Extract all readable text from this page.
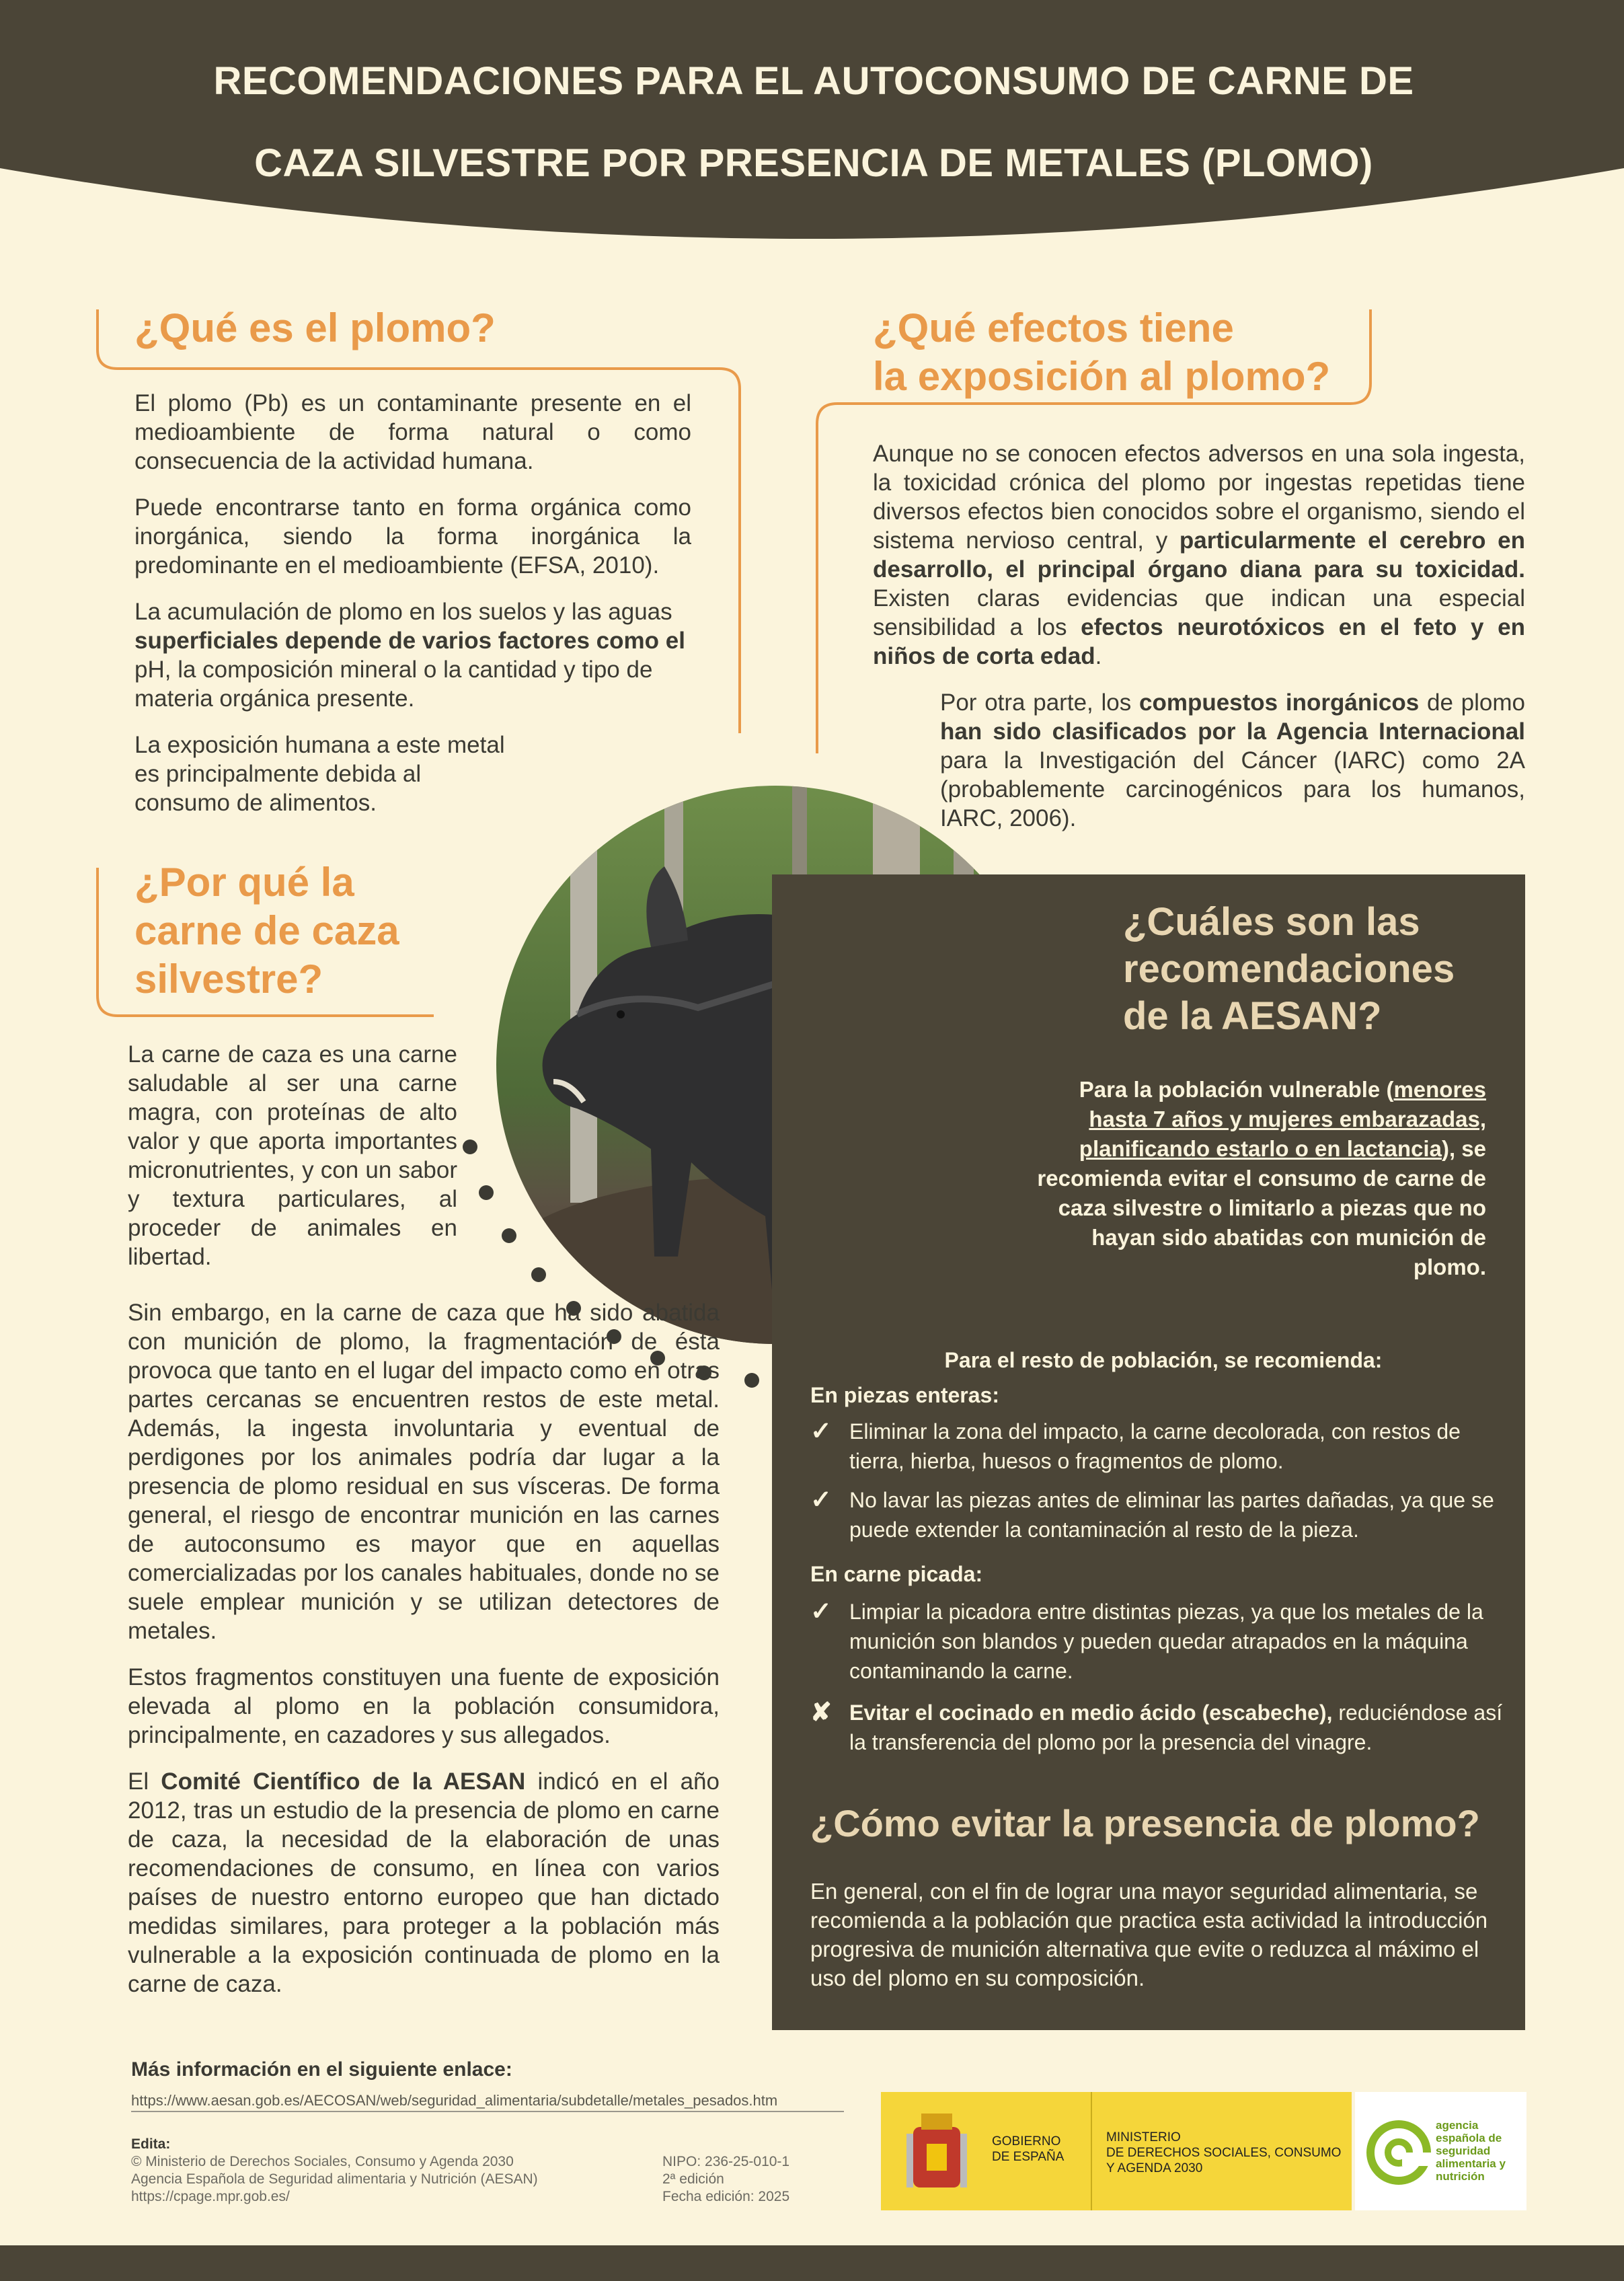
RECOMENDACIONES PARA EL AUTOCONSUMO DE CARNE DE
CAZA SILVESTRE POR PRESENCIA DE METALES (PLOMO)
¿Qué es el plomo?

El plomo (Pb) es un contaminante presente en el medioambiente de forma natural o como consecuencia de la actividad humana.

Puede encontrarse tanto en forma orgánica como inorgánica, siendo la forma inorgánica la predominante en el medioambiente (EFSA, 2010).

La acumulación de plomo en los suelos y las aguas superficiales depende de varios factores como el pH, la composición mineral o la cantidad y tipo de materia orgánica presente.

La exposición humana a este metal es principalmente debida al consumo de alimentos.

¿Qué efectos tiene
la exposición al plomo?

Aunque no se conocen efectos adversos en una sola ingesta, la toxicidad crónica del plomo por ingestas repetidas tiene diversos efectos bien conocidos sobre el organismo, siendo el sistema nervioso central, y particularmente el cerebro en desarrollo, el principal órgano diana para su toxicidad. Existen claras evidencias que indican una especial sensibilidad a los efectos neurotóxicos en el feto y en niños de corta edad.

Por otra parte, los compuestos inorgánicos de plomo han sido clasificados por la Agencia Internacional para la Investigación del Cáncer (IARC) como 2A (probablemente carcinogénicos para los humanos, IARC, 2006).

¿Por qué la
carne de caza
silvestre?
La carne de caza es una carne saludable al ser una carne magra, con proteínas de alto valor y que aporta importantes micronutrientes, y con un sabor y textura particulares, al proceder de animales en libertad.

Sin embargo, en la carne de caza que ha sido abatida con munición de plomo, la fragmentación de ésta provoca que tanto en el lugar del impacto como en otras partes cercanas se encuentren restos de este metal. Además, la ingesta involuntaria y eventual de perdigones por los animales podría dar lugar a la presencia de plomo residual en sus vísceras. De forma general, el riesgo de encontrar munición en las carnes de autoconsumo es mayor que en aquellas comercializadas por los canales habituales, donde no se suele emplear munición y se utilizan detectores de metales.

Estos fragmentos constituyen una fuente de exposición elevada al plomo en la población consumidora, principalmente, en cazadores y sus allegados.

El Comité Científico de la AESAN indicó en el año 2012, tras un estudio de la presencia de plomo en carne de caza, la necesidad de la elaboración de unas recomendaciones de consumo, en línea con varios países de nuestro entorno europeo que han dictado medidas similares, para proteger a la población más vulnerable a la exposición continuada de plomo en la carne de caza.

¿Cuáles son las
recomendaciones
de la AESAN?
Para la población vulnerable (menores hasta 7 años y mujeres embarazadas, planificando estarlo o en lactancia), se recomienda evitar el consumo de carne de caza silvestre o limitarlo a piezas que no hayan sido abatidas con munición de plomo.
Para el resto de población, se recomienda:
En piezas enteras:
✓ Eliminar la zona del impacto, la carne decolorada, con restos de tierra, hierba, huesos o fragmentos de plomo.
✓ No lavar las piezas antes de eliminar las partes dañadas, ya que se puede extender la contaminación al resto de la pieza.
En carne picada:
✓ Limpiar la picadora entre distintas piezas, ya que los metales de la munición son blandos y pueden quedar atrapados en la máquina contaminando la carne.
✘ Evitar el cocinado en medio ácido (escabeche), reduciéndose así la transferencia del plomo por la presencia del vinagre.
¿Cómo evitar la presencia de plomo?
En general, con el fin de lograr una mayor seguridad alimentaria, se recomienda a la población que practica esta actividad la introducción progresiva de munición alternativa que evite o reduzca al máximo el uso del plomo en su composición.
Más información en el siguiente enlace:
https://www.aesan.gob.es/AECOSAN/web/seguridad_alimentaria/subdetalle/metales_pesados.htm
Edita:
© Ministerio de Derechos Sociales, Consumo y Agenda 2030
Agencia Española de Seguridad alimentaria y Nutrición (AESAN)
https://cpage.mpr.gob.es/
NIPO: 236-25-010-1
2ª edición
Fecha edición: 2025
GOBIERNO
DE ESPAÑA
MINISTERIO
DE DERECHOS SOCIALES, CONSUMO
Y AGENDA 2030
agencia
española de
seguridad
alimentaria y
nutrición
